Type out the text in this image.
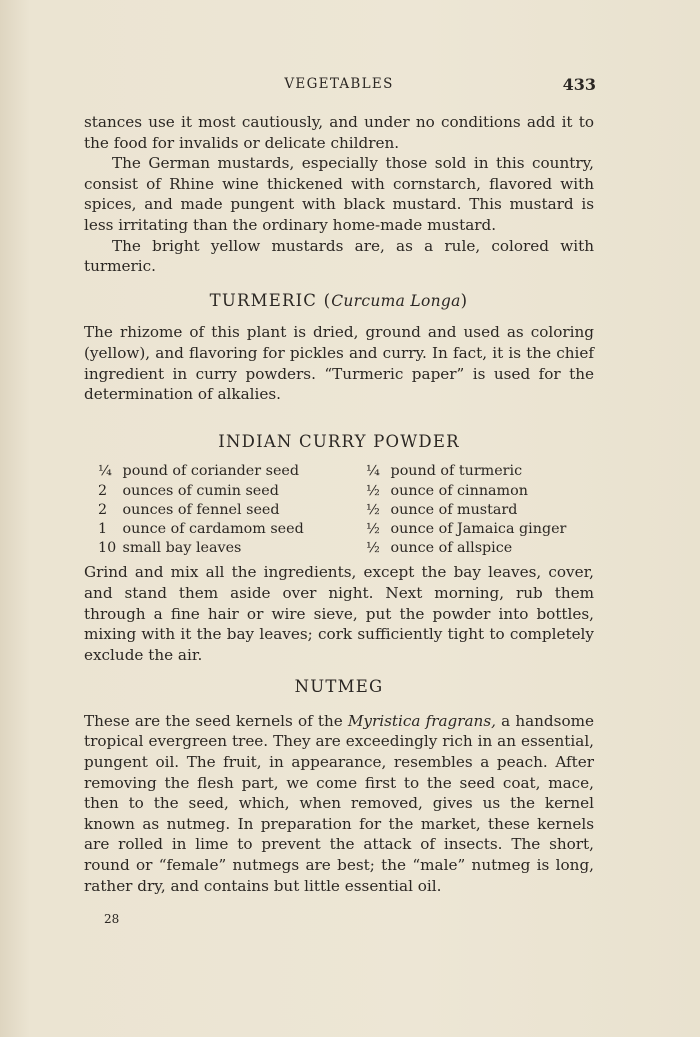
VEGETABLES	433

stances use it most cautiously, and under no conditions add it to the food for invalids or delicate children.

The German mustards, especially those sold in this country, consist of Rhine wine thickened with cornstarch, flavored with spices, and made pungent with black mustard. This mustard is less irritating than the ordinary home-made mustard.

The bright yellow mustards are, as a rule, colored with turmeric.

TURMERIC (Curcuma Longa)

The rhizome of this plant is dried, ground and used as coloring (yellow), and flavoring for pickles and curry. In fact, it is the chief ingredient in curry powders. “Turmeric paper” is used for the determination of alkalies.

INDIAN CURRY POWDER
¼ pound of coriander seed
2 ounces of cumin seed
2 ounces of fennel seed
1 ounce of cardamom seed
10 small bay leaves
¼ pound of turmeric
½ ounce of cinnamon
½ ounce of mustard
½ ounce of Jamaica ginger
½ ounce of allspice

Grind and mix all the ingredients, except the bay leaves, cover, and stand them aside over night. Next morning, rub them through a fine hair or wire sieve, put the powder into bottles, mixing with it the bay leaves; cork sufficiently tight to completely exclude the air.

NUTMEG

These are the seed kernels of the Myristica fragrans, a handsome tropical evergreen tree. They are exceedingly rich in an essential, pungent oil. The fruit, in appearance, resembles a peach. After removing the flesh part, we come first to the seed coat, mace, then to the seed, which, when removed, gives us the kernel known as nutmeg. In preparation for the market, these kernels are rolled in lime to prevent the attack of insects. The short, round or “female” nutmegs are best; the “male” nutmeg is long, rather dry, and contains but little essential oil.

28
